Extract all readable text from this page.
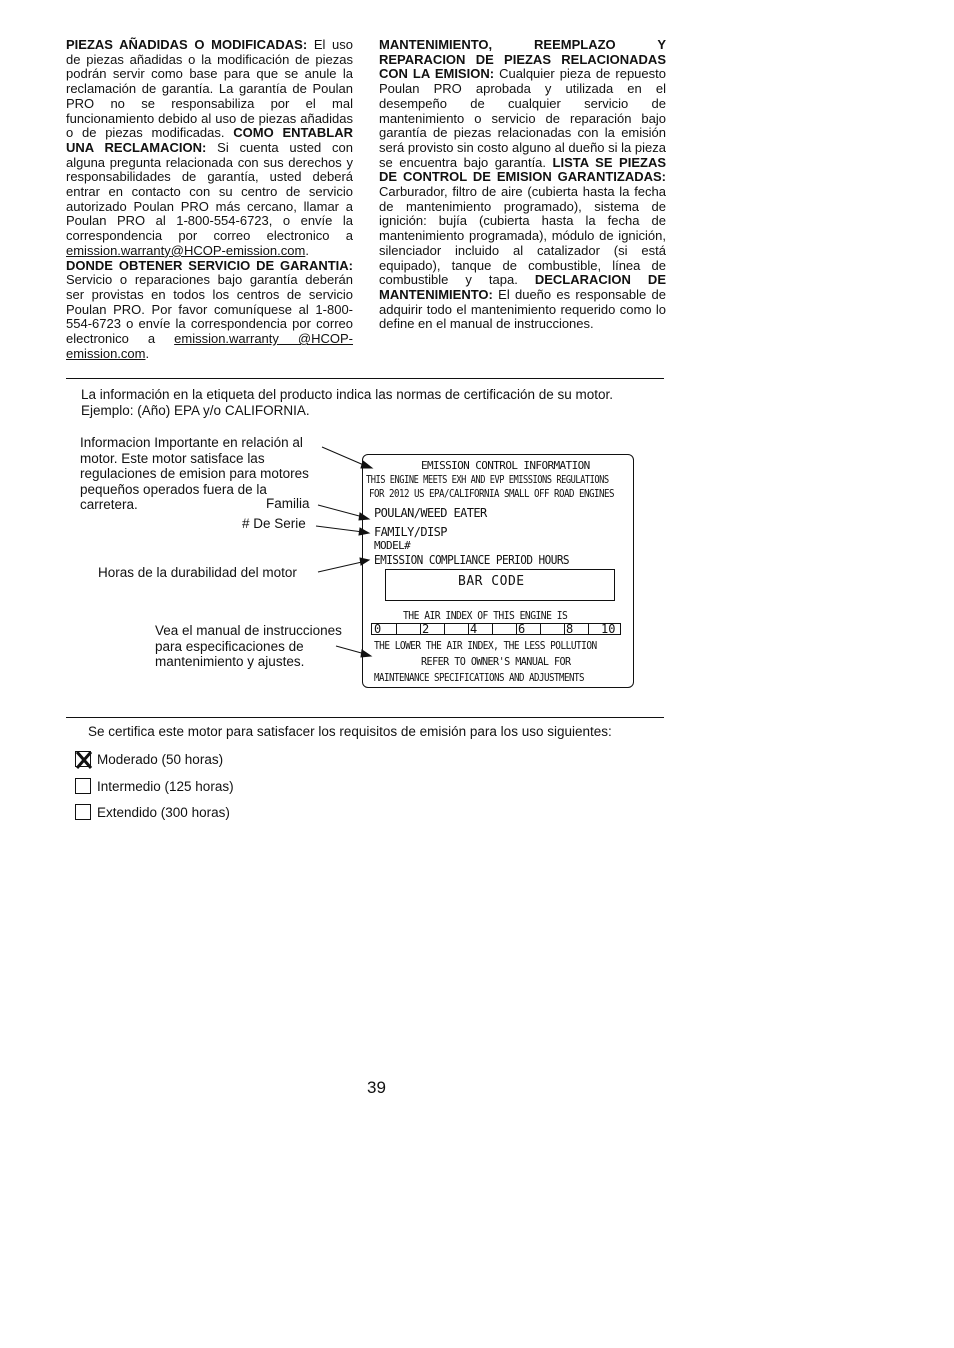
PIEZAS AÑADIDAS O MODIFICADAS: El uso de piezas añadidas o la modificación de piezas podrán servir como base para que se anule la reclamación de garantía. La garantía de Poulan PRO no se responsabiliza por el mal funcionamiento debido al uso de piezas añadidas o de piezas modificadas. COMO ENTABLAR UNA RECLAMACION: Si cuenta usted con alguna pregunta relacionada con sus derechos y responsabilidades de garantía, usted deberá entrar en contacto con su centro de servicio autorizado Poulan PRO más cercano, llamar a Poulan PRO al 1-800-554-6723, o envíe la correspondencia por correo electronico a emission.warranty@HCOP-emission.com. DONDE OBTENER SERVICIO DE GARANTIA: Servicio o reparaciones bajo garantía deberán ser provistas en todos los centros de servicio Poulan PRO. Por favor comuníquese al 1-800-554-6723 o envíe la correspondencia por correo electronico a emission.warranty @HCOP-emission.com.
MANTENIMIENTO, REEMPLAZO Y REPARACION DE PIEZAS RELACIONADAS CON LA EMISION: Cualquier pieza de repuesto Poulan PRO aprobada y utilizada en el desempeño de cualquier servicio de mantenimiento o servicio de reparación bajo garantía de piezas relacionadas con la emisión será provisto sin costo alguno al dueño si la pieza se encuentra bajo garantía. LISTA SE PIEZAS DE CONTROL DE EMISION GARANTIZADAS: Carburador, filtro de aire (cubierta hasta la fecha de mantenimiento programado), sistema de ignición: bujía (cubierta hasta la fecha de mantenimiento programada), módulo de ignición, silenciador incluido al catalizador (si está equipado), tanque de combustible, línea de combustible y tapa. DECLARACION DE MANTENIMIENTO: El dueño es responsable de adquirir todo el mantenimiento requerido como lo define en el manual de instrucciones.
La información en la etiqueta del producto indica las normas de certificación de su motor.
Ejemplo: (Año) EPA y/o CALIFORNIA.
Informacion Importante en relación al motor. Este motor satisface las regulaciones de emision para motores pequeños operados fuera de la carretera.	Familia
# De Serie
Horas de la durabilidad del motor
Vea el manual de instrucciones para especificaciones de mantenimiento y ajustes.
EMISSION CONTROL INFORMATION
THIS ENGINE MEETS EXH AND EVP EMISSIONS REGULATIONS
FOR 2012 US EPA/CALIFORNIA SMALL OFF ROAD ENGINES
POULAN/WEED EATER
FAMILY/DISP
MODEL#
EMISSION COMPLIANCE PERIOD HOURS
BAR CODE
THE AIR INDEX OF THIS ENGINE IS
0	2	4	6	8 10
THE LOWER THE AIR INDEX, THE LESS POLLUTION
REFER TO OWNER'S MANUAL FOR
MAINTENANCE SPECIFICATIONS AND ADJUSTMENTS
Se certifica este motor para satisfacer los requisitos de emisión para los uso siguientes:
Moderado (50 horas)
Intermedio (125 horas)
Extendido (300 horas)
39
